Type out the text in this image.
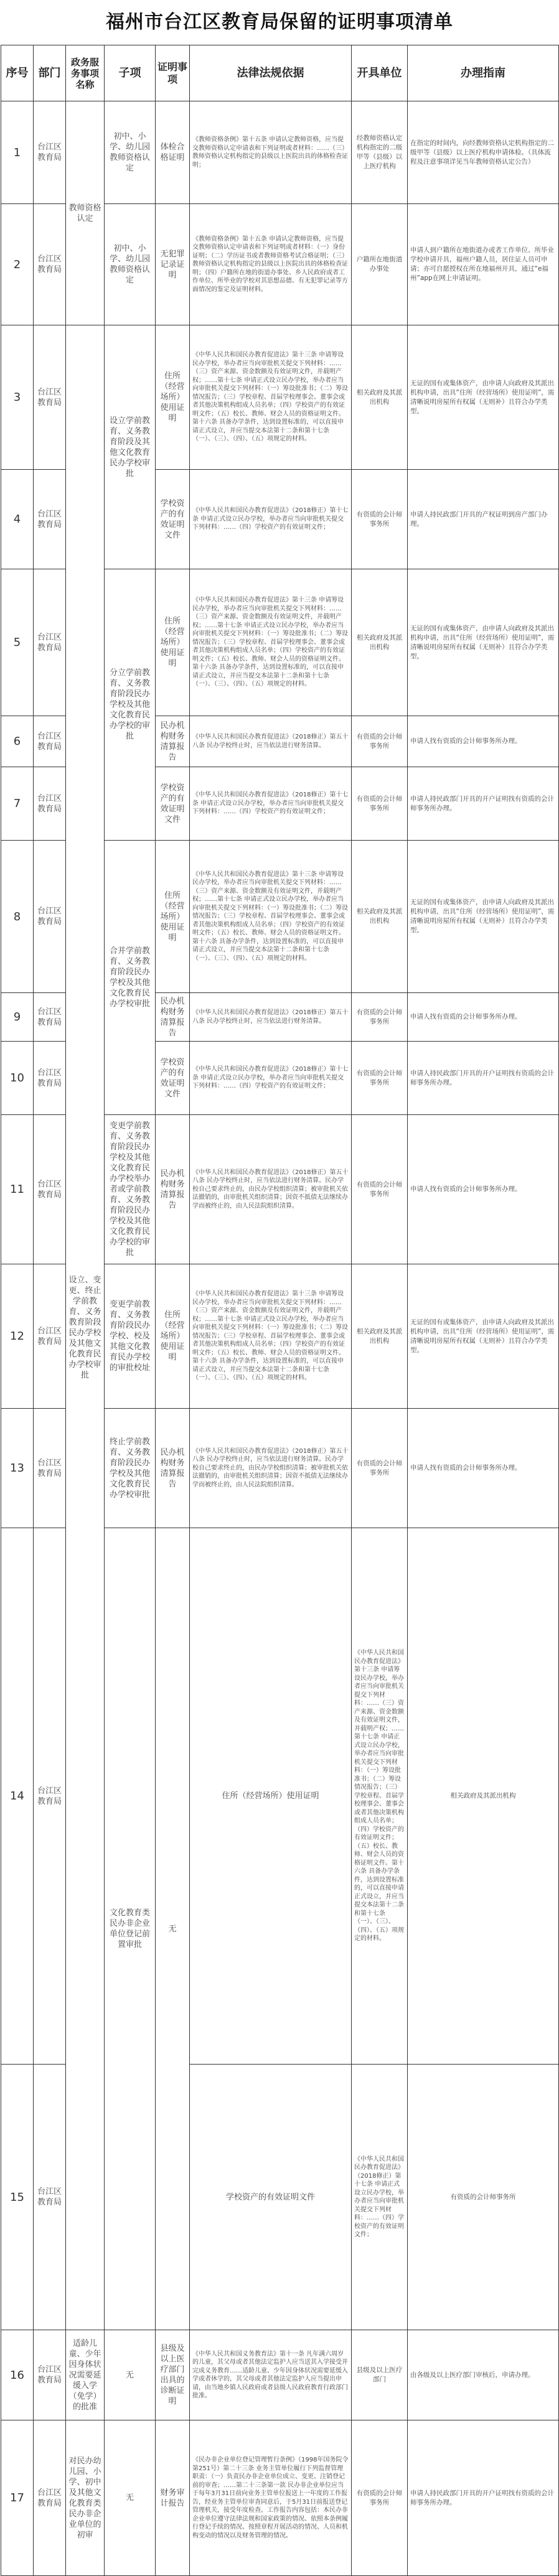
福州市台江区教育局保留的证明事项清单
序号	部门	政务服务事项名称	子项	证明事项	法律法规依据	开具单位	办理指南	
1	台江区教育局	教师资格认定	初中、小学、幼儿园教师资格认定	体检合格证明	《教师资格条例》第十五条 申请认定教师资格，应当提交教师资格认定申请表和下列证明或者材料：……（三）教师资格认定机构指定的县级以上医院出具的体格检查证明；	经教师资格认定机构指定的二级甲等（县级）以上医疗机构	在指定的时间内，向经教师资格认定机构指定的二级甲等（县级）以上医疗机构申请体检。（具体流程及注意事项详见当年教师资格认定公告）	
2	台江区教育局		初中、小学、幼儿园教师资格认定	无犯罪记录证明	《教师资格条例》第十五条 申请认定教师资格，应当提交教师资格认定申请表和下列证明或者材料：（一）身份证明；（二）学历证书或者教师资格考试合格证明；（三）教师资格认定机构指定的县级以上医院出具的体格检查证明；（四）户籍所在地的街道办事处、乡人民政府或者工作单位、所毕业的学校对其思想品德、有无犯罪记录等方面情况的鉴定及证明材料。	户籍所在地街道办事处	申请人到户籍所在地街道办或者工作单位、所毕业学校申请开具，福州户籍人员，居住证人员可申请；亦可自愿授权在所在地福州开具，通过“e福州”app在网上申请证明。	
3	台江区教育局	设立、变更、终止学前教育、义务教育阶段民办学校及其他文化教育民办学校审批	设立学前教育、义务教育阶段及其他文化教育民办学校审批	住所（经营场所）使用证明	《中华人民共和国民办教育促进法》第十三条 申请筹设民办学校，举办者应当向审批机关提交下列材料：……（三）资产来源、资金数额及有效证明文件，并载明产权；……第十七条 申请正式设立民办学校，举办者应当向审批机关提交下列材料：（一）筹设批准书；（二）筹设情况报告；（三）学校章程、首届学校理事会、董事会或者其他决策机构组成人员名单；（四）学校资产的有效证明文件；（五）校长、教师、财会人员的资格证明文件。第十六条 具备办学条件，达到设置标准的，可以直接申请正式设立，并应当提交本法第十二条和第十七条（一）、（三）、（四）、（五）项规定的材料。	相关政府及其派出机构	无证的国有或集体资产，由申请人向政府及其派出机构申请，出具“住所（经营场所）使用证明”，需清晰说明房屋所有权属（无则补）且符合办学类型。	
4	台江区教育局			学校资产的有效证明文件	《中华人民共和国民办教育促进法》（2018修正）第十七条 申请正式设立民办学校，举办者应当向审批机关提交下列材料：……（四）学校资产的有效证明文件；	有资质的会计师事务所	申请人持民政部门开具的产权证明到房产部门办理。	
5	台江区教育局		分立学前教育、义务教育阶段民办学校及其他文化教育民办学校的审批	住所（经营场所）使用证明	《中华人民共和国民办教育促进法》第十三条 申请筹设民办学校，举办者应当向审批机关提交下列材料：……（三）资产来源、资金数额及有效证明文件，并载明产权；……第十七条 申请正式设立民办学校，举办者应当向审批机关提交下列材料：（一）筹设批准书；（二）筹设情况报告；（三）学校章程、首届学校理事会、董事会或者其他决策机构组成人员名单；（四）学校资产的有效证明文件；（五）校长、教师、财会人员的资格证明文件。第十六条 具备办学条件，达到设置标准的，可以直接申请正式设立，并应当提交本法第十二条和第十七条（一）、（三）、（四）、（五）项规定的材料。	相关政府及其派出机构	无证的国有或集体资产，由申请人向政府及其派出机构申请，出具“住所（经营场所）使用证明”，需清晰说明房屋所有权属（无则补）且符合办学类型。	
6	台江区教育局			民办机构财务清算报告	《中华人民共和国民办教育促进法》（2018修正）第五十八条 民办学校终止时，应当依法进行财务清算。	有资质的会计师事务所	申请人找有资质的会计师事务所办理。	
7	台江区教育局			学校资产的有效证明文件	《中华人民共和国民办教育促进法》（2018修正）第十七条 申请正式设立民办学校，举办者应当向审批机关提交下列材料：……（四）学校资产的有效证明文件；	有资质的会计师事务所	申请人持民政部门开具的开户证明找有资质的会计师事务所办理。	
8	台江区教育局		合并学前教育、义务教育阶段民办学校及其他文化教育民办学校审批	住所（经营场所）使用证明	《中华人民共和国民办教育促进法》第十三条 申请筹设民办学校，举办者应当向审批机关提交下列材料：……（三）资产来源、资金数额及有效证明文件，并载明产权；……第十七条 申请正式设立民办学校，举办者应当向审批机关提交下列材料：（一）筹设批准书；（二）筹设情况报告；（三）学校章程、首届学校理事会、董事会或者其他决策机构组成人员名单；（四）学校资产的有效证明文件；（五）校长、教师、财会人员的资格证明文件。第十六条 具备办学条件，达到设置标准的，可以直接申请正式设立，并应当提交本法第十二条和第十七条（一）、（三）、（四）、（五）项规定的材料。	相关政府及其派出机构	无证的国有或集体资产，由申请人向政府及其派出机构申请，出具“住所（经营场所）使用证明”，需清晰说明房屋所有权属（无则补）且符合办学类型。	
9	台江区教育局			民办机构财务清算报告	《中华人民共和国民办教育促进法》（2018修正）第五十八条 民办学校终止时，应当依法进行财务清算。	有资质的会计师事务所	申请人找有资质的会计师事务所办理。	
10	台江区教育局			学校资产的有效证明文件	《中华人民共和国民办教育促进法》（2018修正）第十七条 申请正式设立民办学校，举办者应当向审批机关提交下列材料：……（四）学校资产的有效证明文件；	有资质的会计师事务所	申请人持民政部门开具的开户证明找有资质的会计师事务所办理。	
11	台江区教育局		变更学前教育、义务教育阶段民办学校及其他文化教育民办学校举办者或学前教育、义务教育阶段民办学校及其他文化教育民办学校的审批	民办机构财务清算报告	《中华人民共和国民办教育促进法》（2018修正）第五十八条 民办学校终止时，应当依法进行财务清算。民办学校自己要求终止的，由民办学校组织清算；被审批机关依法撤销的，由审批机关组织清算；因资不抵债无法继续办学而被终止的，由人民法院组织清算。	有资质的会计师事务所	申请人找有资质的会计师事务所办理。	
12	台江区教育局		变更学前教育、义务教育阶段民办学校、校及其他文化教育民办学校的审批校址	住所（经营场所）使用证明	《中华人民共和国民办教育促进法》第十三条 申请筹设民办学校，举办者应当向审批机关提交下列材料：……（三）资产来源、资金数额及有效证明文件，并载明产权；……第十七条 申请正式设立民办学校，举办者应当向审批机关提交下列材料：（一）筹设批准书；（二）筹设情况报告；（三）学校章程、首届学校理事会、董事会或者其他决策机构组成人员名单；（四）学校资产的有效证明文件；（五）校长、教师、财会人员的资格证明文件。第十六条 具备办学条件，达到设置标准的，可以直接申请正式设立，并应当提交本法第十二条和第十七条（一）、（三）、（四）、（五）项规定的材料。	相关政府及其派出机构	无证的国有或集体资产，由申请人向政府及其派出机构申请，出具“住所（经营场所）使用证明”，需清晰说明房屋所有权属（无则补）且符合办学类型。	
13	台江区教育局		终止学前教育、义务教育阶段民办学校及其他文化教育民办学校审批	民办机构财务清算报告	《中华人民共和国民办教育促进法》（2018修正）第五十八条 民办学校终止时，应当依法进行财务清算。民办学校自己要求终止的，由民办学校组织清算；被审批机关依法撤销的，由审批机关组织清算；因资不抵债无法继续办学而被终止的，由人民法院组织清算。	有资质的会计师事务所	申请人找有资质的会计师事务所办理。	
14	台江区教育局		文化教育类民办非企业单位登记前置审批	无	住所（经营场所）使用证明	《中华人民共和国民办教育促进法》第十三条 申请筹设民办学校，举办者应当向审批机关提交下列材料：……（三）资产来源、资金数额及有效证明文件，并载明产权；……第十七条 申请正式设立民办学校，举办者应当向审批机关提交下列材料：（一）筹设批准书；（二）筹设情况报告；（三）学校章程、首届学校理事会、董事会或者其他决策机构组成人员名单；（四）学校资产的有效证明文件；（五）校长、教师、财会人员的资格证明文件。第十六条 具备办学条件，达到设置标准的，可以直接申请正式设立，并应当提交本法第十二条和第十七条（一）、（三）、（四）、（五）项规定的材料。	相关政府及其派出机构	
15	台江区教育局				学校资产的有效证明文件	《中华人民共和国民办教育促进法》（2018修正）第十七条 申请正式设立民办学校，举办者应当向审批机关提交下列材料：……（四）学校资产的有效证明文件；	有资质的会计师事务所	
16	台江区教育局	适龄儿童、少年因身体状况需要延缓入学（免学）的批准	无	县级及以上医疗部门出具的诊断证明	《中华人民共和国义务教育法》第十一条 凡年满六周岁的儿童，其父母或者其他法定监护人应当送其入学接受并完成义务教育……适龄儿童、少年因身体状况需要延缓入学或者休学的，其父母或者其他法定监护人应当提出申请，由当地乡镇人民政府或者县级人民政府教育行政部门批准。	县级及以上医疗部门	由各级及以上医疗部门审核后，申请办理。	
17	台江区教育局	对民办幼儿园、小学、初中及其他文化教育类民办非企业单位的初审	无	财务审计报告	《民办非企业单位登记管理暂行条例》（1998年国务院令第251号）第二十三条 业务主管单位履行下列监督管理职责：（一）负责民办非企业单位成立、变更、注销登记前的审查；……第二十三条第一款 民办非企业单位应当于每年3月31日前向业务主管单位报送上一年度的工作报告，经业务主管单位审查同意后，于5月31日前报送登记管理机关，接受年度检查。工作报告内容包括：本民办非企业单位遵守法律法规和国家政策的情况、依照本条例履行登记手续的情况、按照章程开展活动的情况、人员和机构变动的情况以及财务管理的情况。	有资质的会计师事务所	申请人持民政部门开具的开户证明找有资质的会计师事务所办理。	
